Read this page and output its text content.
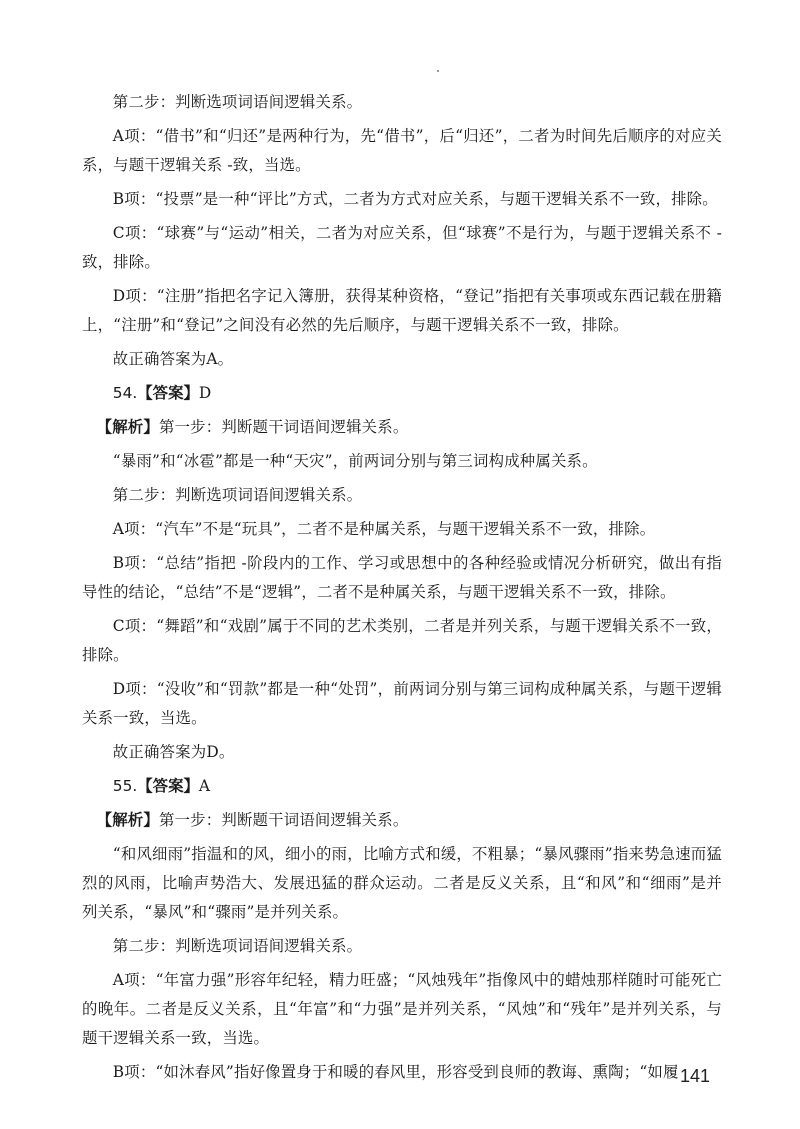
第二步：判断选项词语间逻辑关系。

A项：“借书”和“归还”是两种行为，先“借书”，后“归还”，二者为时间先后顺序的对应关系，与题干逻辑关系 -致，当选。

B项：“投票”是一种“评比”方式，二者为方式对应关系，与题干逻辑关系不一致，排除。

C项：“球赛”与“运动”相关，二者为对应关系，但“球赛”不是行为，与题于逻辑关系不 -致，排除。

D项：“注册”指把名字记入簿册，获得某种资格，“登记”指把有关事项或东西记载在册籍上，“注册”和“登记”之间没有必然的先后顺序，与题干逻辑关系不一致，排除。

故正确答案为A。

54.【答案】D

【解析】第一步：判断题干词语间逻辑关系。

“暴雨”和“冰雹”都是一种“天灾”，前两词分别与第三词构成种属关系。

第二步：判断选项词语间逻辑关系。

A项：“汽车”不是“玩具”，二者不是种属关系，与题干逻辑关系不一致，排除。

B项：“总结”指把 -阶段内的工作、学习或思想中的各种经验或情况分析研究，做出有指导性的结论，“总结”不是“逻辑”，二者不是种属关系，与题干逻辑关系不一致，排除。

C项：“舞蹈”和“戏剧”属于不同的艺术类别，二者是并列关系，与题干逻辑关系不一致，排除。

D项：“没收”和“罚款”都是一种“处罚”，前两词分别与第三词构成种属关系，与题干逻辑关系一致，当选。

故正确答案为D。

55.【答案】A

【解析】第一步：判断题干词语间逻辑关系。

“和风细雨”指温和的风，细小的雨，比喻方式和缓，不粗暴；“暴风骤雨”指来势急速而猛烈的风雨，比喻声势浩大、发展迅猛的群众运动。二者是反义关系，且“和风”和“细雨”是并列关系，“暴风”和“骤雨”是并列关系。

第二步：判断选项词语间逻辑关系。

A项：“年富力强”形容年纪轻，精力旺盛；“风烛残年”指像风中的蜡烛那样随时可能死亡的晚年。二者是反义关系，且“年富”和“力强”是并列关系，“风烛”和“残年”是并列关系，与题干逻辑关系一致，当选。

B项：“如沐春风”指好像置身于和暖的春风里，形容受到良师的教诲、熏陶；“如履 141
